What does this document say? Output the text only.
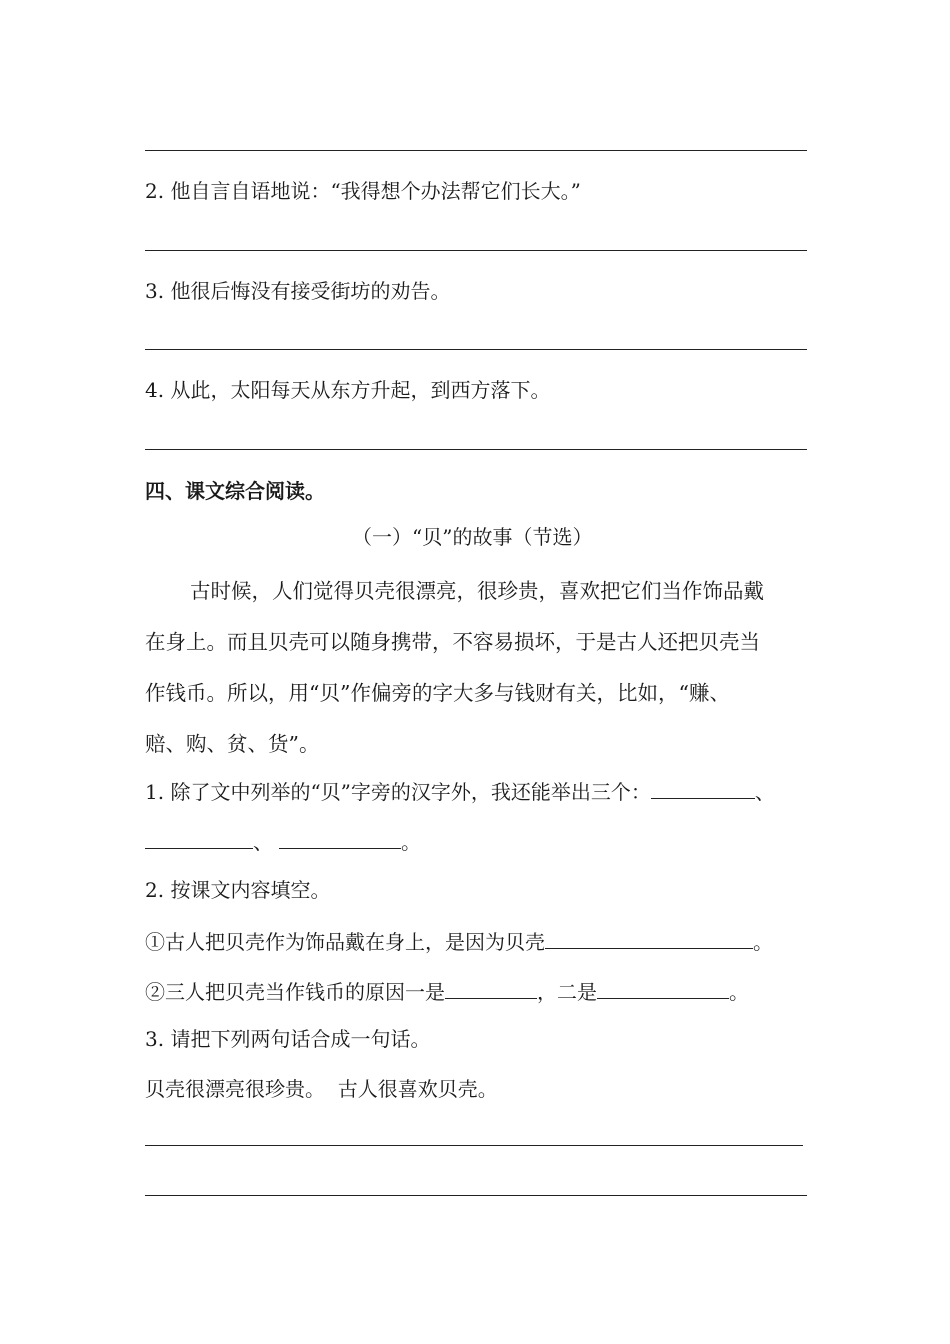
2. 他自言自语地说：“我得想个办法帮它们长大。”
3. 他很后悔没有接受街坊的劝告。
4. 从此，太阳每天从东方升起，到西方落下。
四、课文综合阅读。
（一）“贝”的故事（节选）
古时候，人们觉得贝壳很漂亮，很珍贵，喜欢把它们当作饰品戴
在身上。而且贝壳可以随身携带，不容易损坏，于是古人还把贝壳当
作钱币。所以，用“贝”作偏旁的字大多与钱财有关，比如，“赚、
赔、购、贫、货”。
1. 除了文中列举的“贝”字旁的汉字外，我还能举出三个：	、
、	。
2. 按课文内容填空。
①古人把贝壳作为饰品戴在身上，是因为贝壳	。
②三人把贝壳当作钱币的原因一是	，二是	。
3. 请把下列两句话合成一句话。
贝壳很漂亮很珍贵。  古人很喜欢贝壳。
